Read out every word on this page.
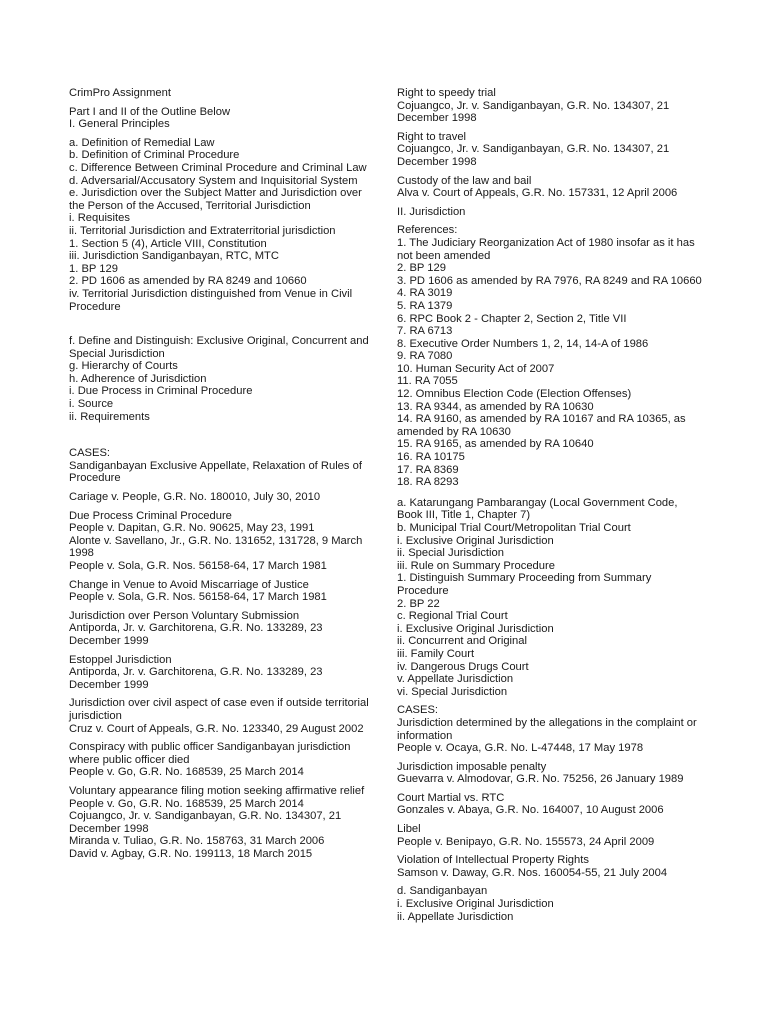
CrimPro Assignment
Part I and II of the Outline Below
I. General Principles
a. Definition of Remedial Law
b. Definition of Criminal Procedure
c. Difference Between Criminal Procedure and Criminal Law
d. Adversarial/Accusatory System and Inquisitorial System
e. Jurisdiction over the Subject Matter and Jurisdiction over the Person of the Accused, Territorial Jurisdiction
i. Requisites
ii. Territorial Jurisdiction and Extraterritorial jurisdiction
1. Section 5 (4), Article VIII, Constitution
iii. Jurisdiction Sandiganbayan, RTC, MTC
1. BP 129
2. PD 1606 as amended by RA 8249 and 10660
iv. Territorial Jurisdiction distinguished from Venue in Civil Procedure
f. Define and Distinguish: Exclusive Original, Concurrent and Special Jurisdiction
g. Hierarchy of Courts
h. Adherence of Jurisdiction
i. Due Process in Criminal Procedure
i. Source
ii. Requirements
CASES:
Sandiganbayan Exclusive Appellate, Relaxation of Rules of Procedure
Cariage v. People, G.R. No. 180010, July 30, 2010
Due Process Criminal Procedure
People v. Dapitan, G.R. No. 90625, May 23, 1991
Alonte v. Savellano, Jr., G.R. No. 131652, 131728, 9 March 1998
People v. Sola, G.R. Nos. 56158-64, 17 March 1981
Change in Venue to Avoid Miscarriage of Justice
People v. Sola, G.R. Nos. 56158-64, 17 March 1981
Jurisdiction over Person Voluntary Submission
Antiporda, Jr. v. Garchitorena, G.R. No. 133289, 23 December 1999
Estoppel Jurisdiction
Antiporda, Jr. v. Garchitorena, G.R. No. 133289, 23 December 1999
Jurisdiction over civil aspect of case even if outside territorial jurisdiction
Cruz v. Court of Appeals, G.R. No. 123340, 29 August 2002
Conspiracy with public officer Sandiganbayan jurisdiction where public officer died
People v. Go, G.R. No. 168539, 25 March 2014
Voluntary appearance filing motion seeking affirmative relief
People v. Go, G.R. No. 168539, 25 March 2014
Cojuangco, Jr. v. Sandiganbayan, G.R. No. 134307, 21 December 1998
Miranda v. Tuliao, G.R. No. 158763, 31 March 2006
David v. Agbay, G.R. No. 199113, 18 March 2015
Right to speedy trial
Cojuangco, Jr. v. Sandiganbayan, G.R. No. 134307, 21 December 1998
Right to travel
Cojuangco, Jr. v. Sandiganbayan, G.R. No. 134307, 21 December 1998
Custody of the law and bail
Alva v. Court of Appeals, G.R. No. 157331, 12 April 2006
II. Jurisdiction
References:
1. The Judiciary Reorganization Act of 1980 insofar as it has not been amended
2. BP 129
3. PD 1606 as amended by RA 7976, RA 8249 and RA 10660
4. RA 3019
5. RA 1379
6. RPC Book 2 - Chapter 2, Section 2, Title VII
7. RA 6713
8. Executive Order Numbers 1, 2, 14, 14-A of 1986
9. RA 7080
10. Human Security Act of 2007
11. RA 7055
12. Omnibus Election Code (Election Offenses)
13. RA 9344, as amended by RA 10630
14. RA 9160, as amended by RA 10167 and RA 10365, as amended by RA 10630
15. RA 9165, as amended by RA 10640
16. RA 10175
17. RA 8369
18. RA 8293
a. Katarungang Pambarangay (Local Government Code, Book III, Title 1, Chapter 7)
b. Municipal Trial Court/Metropolitan Trial Court
i. Exclusive Original Jurisdiction
ii. Special Jurisdiction
iii. Rule on Summary Procedure
1. Distinguish Summary Proceeding from Summary Procedure
2. BP 22
c. Regional Trial Court
i. Exclusive Original Jurisdiction
ii. Concurrent and Original
iii. Family Court
iv. Dangerous Drugs Court
v. Appellate Jurisdiction
vi. Special Jurisdiction
CASES:
Jurisdiction determined by the allegations in the complaint or information
People v. Ocaya, G.R. No. L-47448, 17 May 1978
Jurisdiction imposable penalty
Guevarra v. Almodovar, G.R. No. 75256, 26 January 1989
Court Martial vs. RTC
Gonzales v. Abaya, G.R. No. 164007, 10 August 2006
Libel
People v. Benipayo, G.R. No. 155573, 24 April 2009
Violation of Intellectual Property Rights
Samson v. Daway, G.R. Nos. 160054-55, 21 July 2004
d. Sandiganbayan
i. Exclusive Original Jurisdiction
ii. Appellate Jurisdiction
